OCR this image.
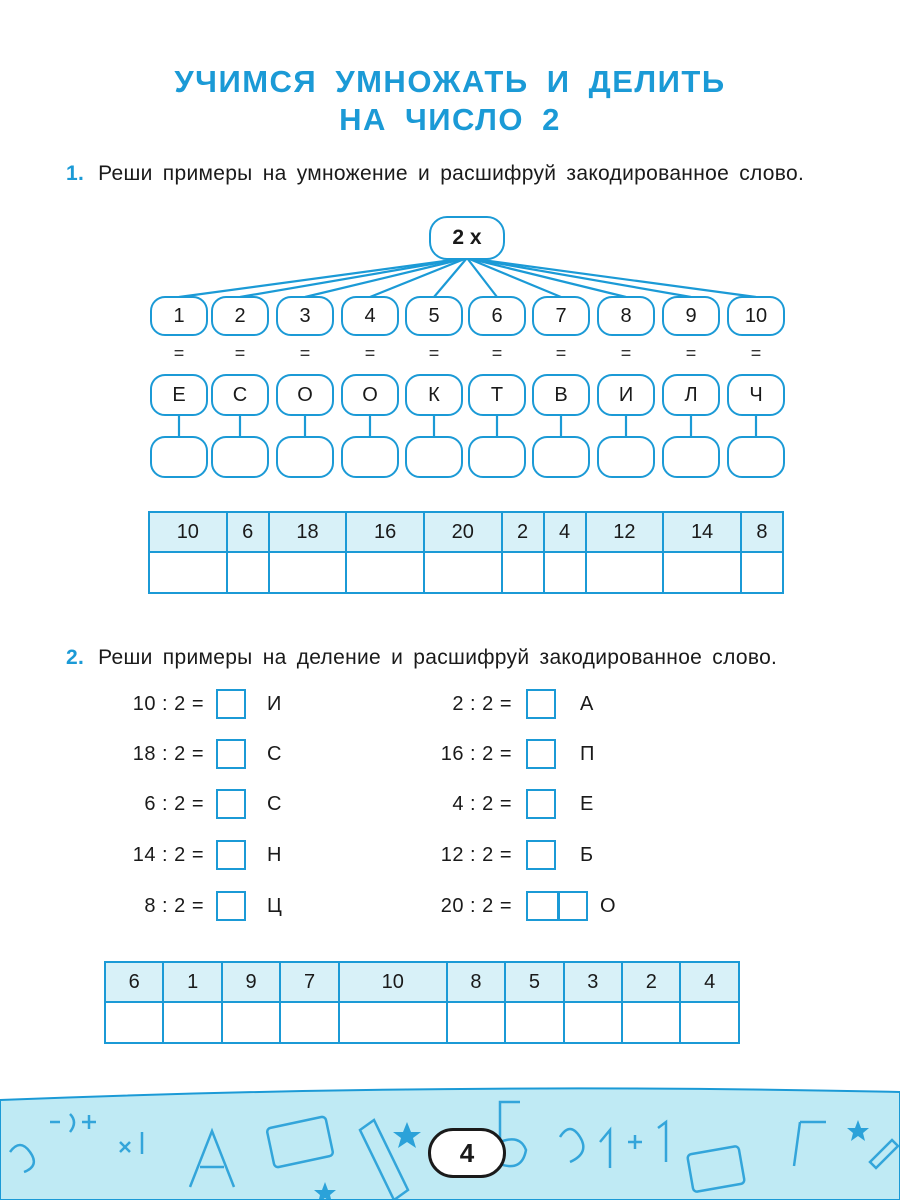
УЧИМСЯ УМНОЖАТЬ И ДЕЛИТЬ
НА ЧИСЛО 2
1. Реши примеры на умножение и расшифруй закодированное слово.
2 х
1
=
Е
2
=
С
3
=
О
4
=
О
5
=
К
6
=
Т
7
=
В
8
=
И
9
=
Л
10
=
Ч
10	6	18	16	20	2	4	12	14	8

2. Реши примеры на деление и расшифруй закодированное слово.
10 : 2 =	И
18 : 2 =	С
6 : 2 =	С
14 : 2 =	Н
8 : 2 =	Ц
2 : 2 =	А
16 : 2 =	П
4 : 2 =	Е
12 : 2 =	Б
20 : 2 =	О
6	1	9	7	10	8	5	3	2	4

4
